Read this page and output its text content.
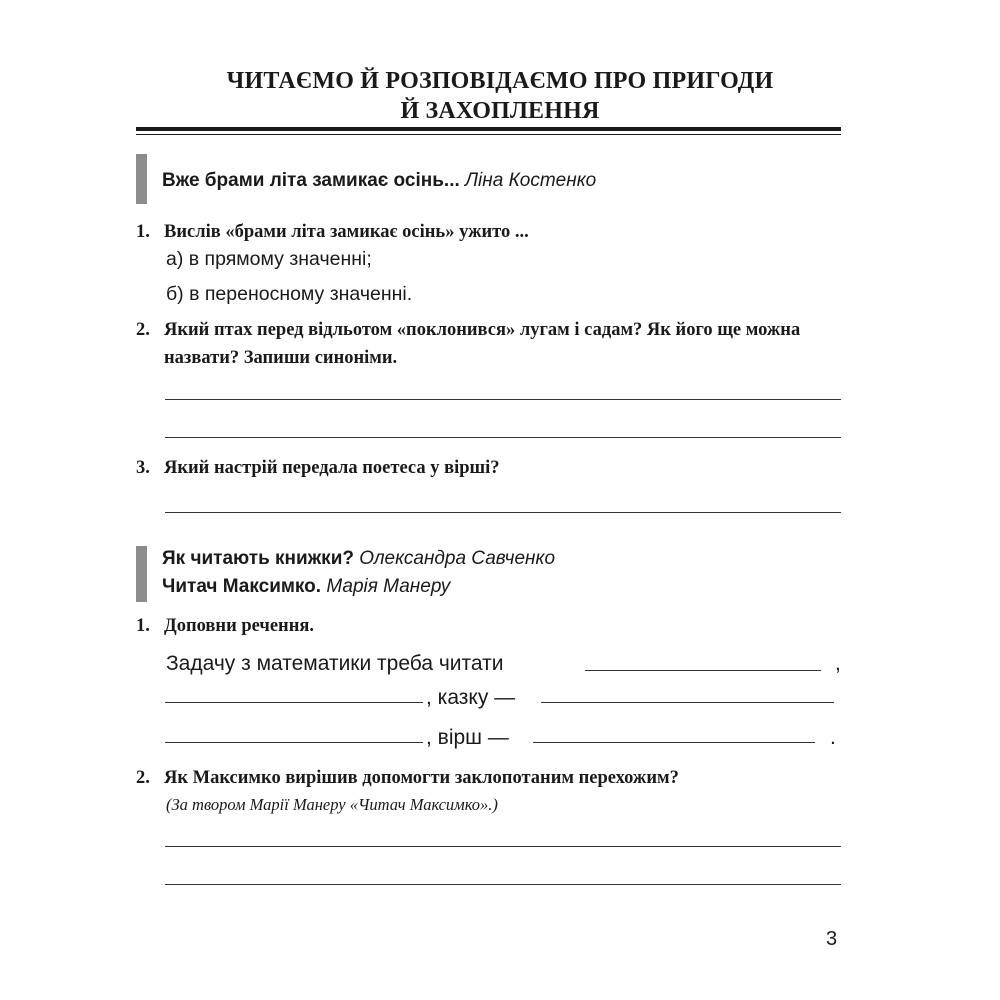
ЧИТАЄМО Й РОЗПОВІДАЄМО ПРО ПРИГОДИ
Й ЗАХОПЛЕННЯ
Вже брами літа замикає осінь... Ліна Костенко
1. Вислів «брами літа замикає осінь» ужито ...
а) в прямому значенні;
б) в переносному значенні.
2. Який птах перед відльотом «поклонився» лугам і садам? Як його ще можна назвати? Запиши синоніми.
3. Який настрій передала поетеса у вірші?
Як читають книжки? Олександра Савченко
Читач Максимко. Марія Манеру
1. Доповни речення.
Задачу з математики треба читати	,
, казку —
, вірш —	.
2. Як Максимко вирішив допомогти заклопотаним перехожим?
(За твором Марії Манеру «Читач Максимко».)
3
